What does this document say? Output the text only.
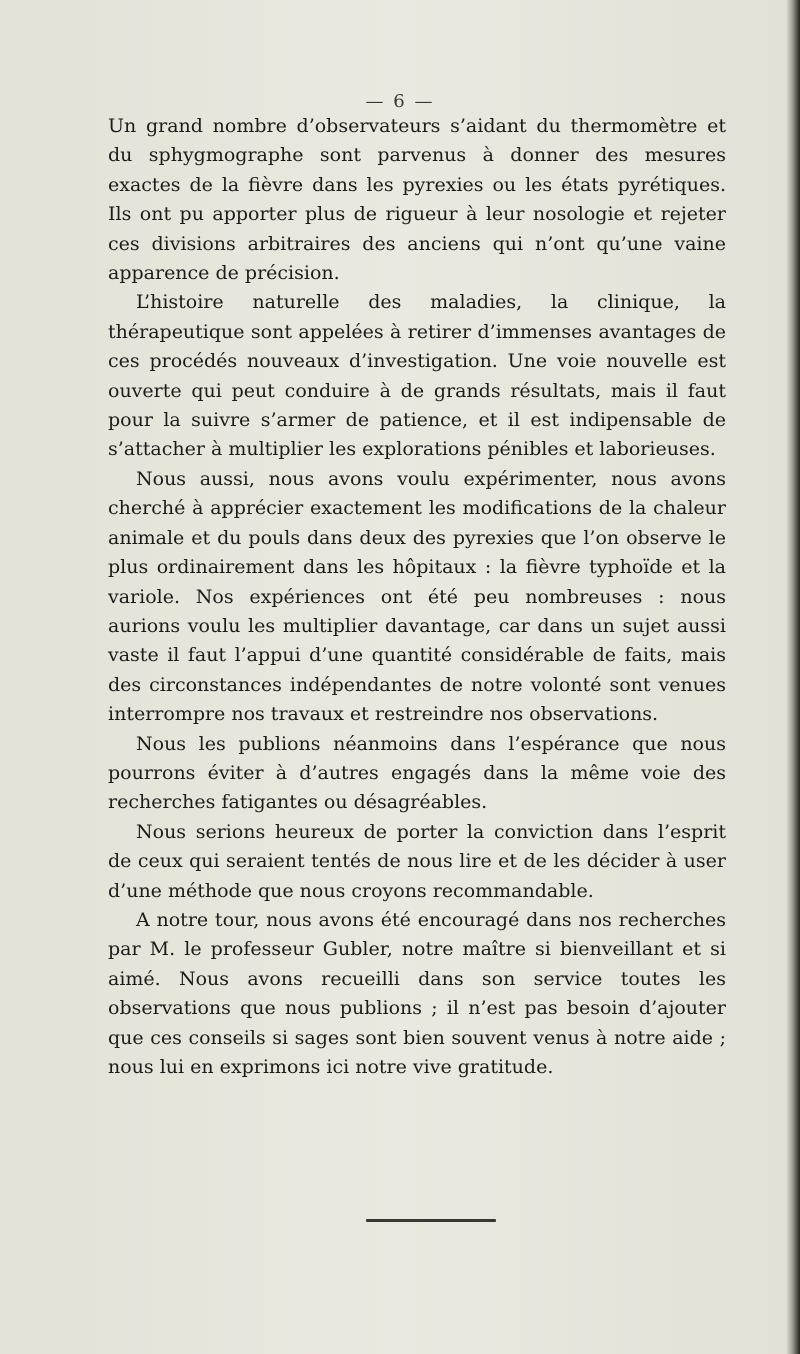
— 6 —

Un grand nombre d’observateurs s’aidant du thermomètre et du sphygmographe sont parvenus à donner des mesures exactes de la fièvre dans les pyrexies ou les états pyrétiques. Ils ont pu apporter plus de rigueur à leur nosologie et rejeter ces divisions arbitraires des anciens qui n’ont qu’une vaine apparence de précision.

L’histoire naturelle des maladies, la clinique, la thérapeutique sont appelées à retirer d’immenses avantages de ces procédés nouveaux d’investigation. Une voie nouvelle est ouverte qui peut conduire à de grands résultats, mais il faut pour la suivre s’armer de patience, et il est indipensable de s’attacher à multiplier les explorations pénibles et laborieuses.

Nous aussi, nous avons voulu expérimenter, nous avons cherché à apprécier exactement les modifications de la chaleur animale et du pouls dans deux des pyrexies que l’on observe le plus ordinairement dans les hôpitaux : la fièvre typhoïde et la variole. Nos expériences ont été peu nombreuses : nous aurions voulu les multiplier davantage, car dans un sujet aussi vaste il faut l’appui d’une quantité considérable de faits, mais des circonstances indépendantes de notre volonté sont venues interrompre nos travaux et restreindre nos observations.

Nous les publions néanmoins dans l’espérance que nous pourrons éviter à d’autres engagés dans la même voie des recherches fatigantes ou désagréables.

Nous serions heureux de porter la conviction dans l’esprit de ceux qui seraient tentés de nous lire et de les décider à user d’une méthode que nous croyons recommandable.

A notre tour, nous avons été encouragé dans nos recherches par M. le professeur Gubler, notre maître si bienveillant et si aimé. Nous avons recueilli dans son service toutes les observations que nous publions ; il n’est pas besoin d’ajouter que ces conseils si sages sont bien souvent venus à notre aide ; nous lui en exprimons ici notre vive gratitude.
